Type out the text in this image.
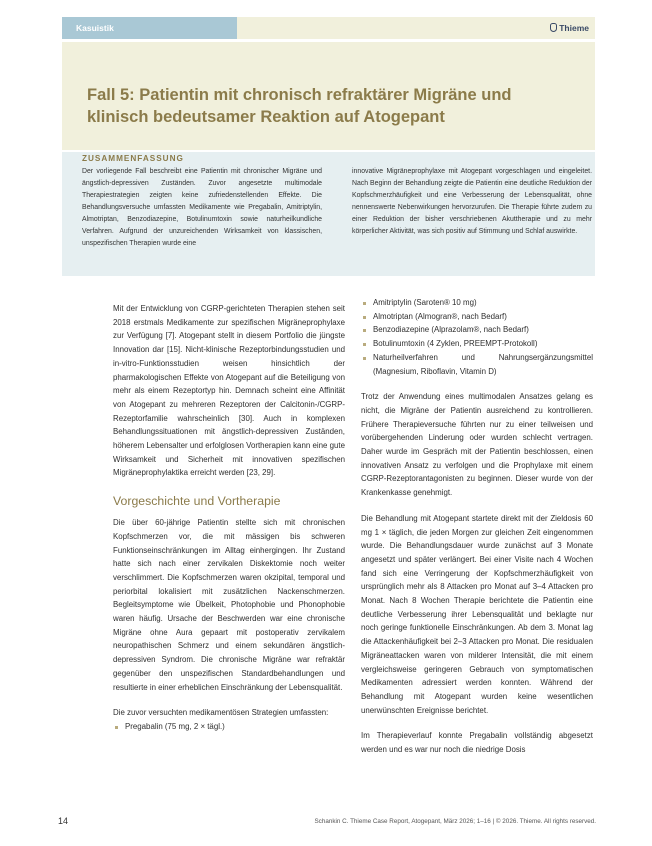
Kasuistik	Thieme
Fall 5: Patientin mit chronisch refraktärer Migräne und klinisch bedeutsamer Reaktion auf Atogepant
ZUSAMMENFASSUNG
Der vorliegende Fall beschreibt eine Patientin mit chronischer Migräne und ängstlich-depressiven Zuständen. Zuvor angesetzte multimodale Therapiestrategien zeigten keine zufriedenstellenden Effekte. Die Behandlungsversuche umfassten Medikamente wie Pregabalin, Amitriptylin, Almotriptan, Benzodiazepine, Botulinumtoxin sowie naturheilkundliche Verfahren. Aufgrund der unzureichenden Wirksamkeit von klassischen, unspezifischen Therapien wurde eine
innovative Migräneprophylaxe mit Atogepant vorgeschlagen und eingeleitet. Nach Beginn der Behandlung zeigte die Patientin eine deutliche Reduktion der Kopfschmerzhäufigkeit und eine Verbesserung der Lebensqualität, ohne nennenswerte Nebenwirkungen hervorzurufen. Die Therapie führte zudem zu einer Reduktion der bisher verschriebenen Akuttherapie und zu mehr körperlicher Aktivität, was sich positiv auf Stimmung und Schlaf auswirkte.

Mit der Entwicklung von CGRP-gerichteten Therapien stehen seit 2018 erstmals Medikamente zur spezifischen Migräneprophylaxe zur Verfügung [7]. Atogepant stellt in diesem Portfolio die jüngste Innovation dar [15]. Nicht-klinische Rezeptorbindungsstudien und in-vitro-Funktionsstudien weisen hinsichtlich der pharmakologischen Effekte von Atogepant auf die Beteiligung von mehr als einem Rezeptortyp hin. Demnach scheint eine Affinität von Atogepant zu mehreren Rezeptoren der Calcitonin-/CGRP-Rezeptorfamilie wahrscheinlich [30]. Auch in komplexen Behandlungssituationen mit ängstlich-depressiven Zuständen, höherem Lebensalter und erfolglosen Vortherapien kann eine gute Wirksamkeit und Sicherheit mit innovativen spezifischen Migräneprophylaktika erreicht werden [23, 29].

Vorgeschichte und Vortherapie

Die über 60-jährige Patientin stellte sich mit chronischen Kopfschmerzen vor, die mit mässigen bis schweren Funktionseinschränkungen im Alltag einhergingen. Ihr Zustand hatte sich nach einer zervikalen Diskektomie noch weiter verschlimmert. Die Kopfschmerzen waren okzipital, temporal und periorbital lokalisiert mit zusätzlichen Nackenschmerzen. Begleitsymptome wie Übelkeit, Photophobie und Phonophobie waren häufig. Ursache der Beschwerden war eine chronische Migräne ohne Aura gepaart mit postoperativ zervikalem neuropathischen Schmerz und einem sekundären ängstlich-depressiven Syndrom. Die chronische Migräne war refraktär gegenüber den unspezifischen Standardbehandlungen und resultierte in einer erheblichen Einschränkung der Lebensqualität.

Die zuvor versuchten medikamentösen Strategien umfassten:

Pregabalin (75 mg, 2 × tägl.)
Amitriptylin (Saroten® 10 mg)
Almotriptan (Almogran®, nach Bedarf)
Benzodiazepine (Alprazolam®, nach Bedarf)
Botulinumtoxin (4 Zyklen, PREEMPT-Protokoll)
Naturheilverfahren und Nahrungsergänzungsmittel (Magnesium, Riboflavin, Vitamin D)

Trotz der Anwendung eines multimodalen Ansatzes gelang es nicht, die Migräne der Patientin ausreichend zu kontrollieren. Frühere Therapieversuche führten nur zu einer teilweisen und vorübergehenden Linderung oder wurden schlecht vertragen. Daher wurde im Gespräch mit der Patientin beschlossen, einen innovativen Ansatz zu verfolgen und die Prophylaxe mit einem CGRP-Rezeptorantagonisten zu beginnen. Dieser wurde von der Krankenkasse genehmigt.

Die Behandlung mit Atogepant startete direkt mit der Zieldosis 60 mg 1 × täglich, die jeden Morgen zur gleichen Zeit eingenommen wurde. Die Behandlungsdauer wurde zunächst auf 3 Monate angesetzt und später verlängert. Bei einer Visite nach 4 Wochen fand sich eine Verringerung der Kopfschmerzhäufigkeit von ursprünglich mehr als 8 Attacken pro Monat auf 3–4 Attacken pro Monat. Nach 8 Wochen Therapie berichtete die Patientin eine deutliche Verbesserung ihrer Lebensqualität und beklagte nur noch geringe funktionelle Einschränkungen. Ab dem 3. Monat lag die Attackenhäufigkeit bei 2–3 Attacken pro Monat. Die residualen Migräneattacken waren von milderer Intensität, die mit einem vergleichsweise geringeren Gebrauch von symptomatischen Medikamenten adressiert werden konnten. Während der Behandlung mit Atogepant wurden keine wesentlichen unerwünschten Ereignisse berichtet.

Im Therapieverlauf konnte Pregabalin vollständig abgesetzt werden und es war nur noch die niedrige Dosis

14	Schankin C. Thieme Case Report, Atogepant, März 2026; 1–16 | © 2026. Thieme. All rights reserved.
